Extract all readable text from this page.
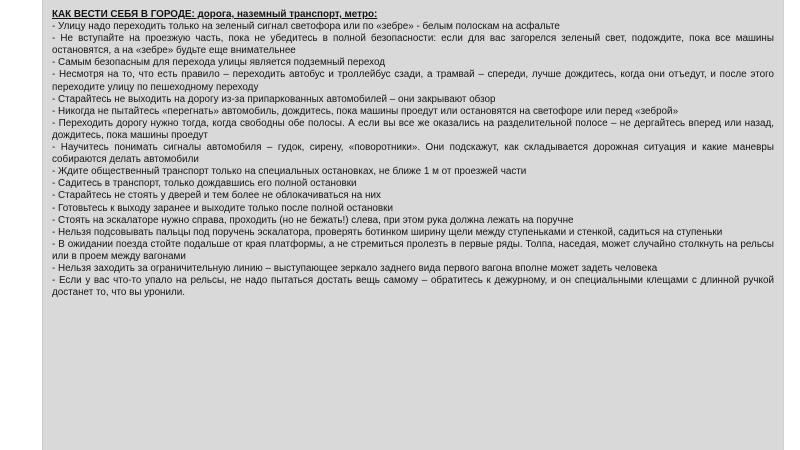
КАК ВЕСТИ СЕБЯ В ГОРОДЕ: дорога, наземный транспорт, метро:
- Улицу надо переходить только на зеленый сигнал светофора или по «зебре» - белым полоскам на асфальте
- Не вступайте на проезжую часть, пока не убедитесь в полной безопасности: если для вас загорелся зеленый свет, подождите, пока все машины остановятся, а на «зебре» будьте еще внимательнее
- Самым безопасным для перехода улицы является подземный переход
- Несмотря на то, что есть правило – переходить автобус и троллейбус сзади, а трамвай – спереди, лучше дождитесь, когда они отъедут, и после этого переходите улицу по пешеходному переходу
- Старайтесь не выходить на дорогу из-за припаркованных автомобилей – они закрывают обзор
- Никогда не пытайтесь «перегнать» автомобиль, дождитесь, пока машины проедут или остановятся на светофоре или перед «зеброй»
- Переходить дорогу нужно тогда, когда свободны обе полосы. А если вы все же оказались на разделительной полосе – не дергайтесь вперед или назад, дождитесь, пока машины проедут
- Научитесь понимать сигналы автомобиля – гудок, сирену, «поворотники». Они подскажут, как складывается дорожная ситуация и какие маневры собираются делать автомобили
- Ждите общественный транспорт только на специальных остановках, не ближе 1 м от проезжей части
- Садитесь в транспорт, только дождавшись его полной остановки
- Старайтесь не стоять у дверей и тем более не облокачиваться на них
- Готовьтесь к выходу заранее и выходите только после полной остановки
- Стоять на эскалаторе нужно справа, проходить (но не бежать!) слева, при этом рука должна лежать на поручне
- Нельзя подсовывать пальцы под поручень эскалатора, проверять ботинком ширину щели между ступеньками и стенкой, садиться на ступеньки
- В ожидании поезда стойте подальше от края платформы, а не стремиться пролезть в первые ряды. Толпа, наседая, может случайно столкнуть на рельсы или в проем между вагонами
- Нельзя заходить за ограничительную линию – выступающее зеркало заднего вида первого вагона вполне может задеть человека
- Если у вас что-то упало на рельсы, не надо пытаться достать вещь самому – обратитесь к дежурному, и он специальными клещами с длинной ручкой достанет то, что вы уронили.
